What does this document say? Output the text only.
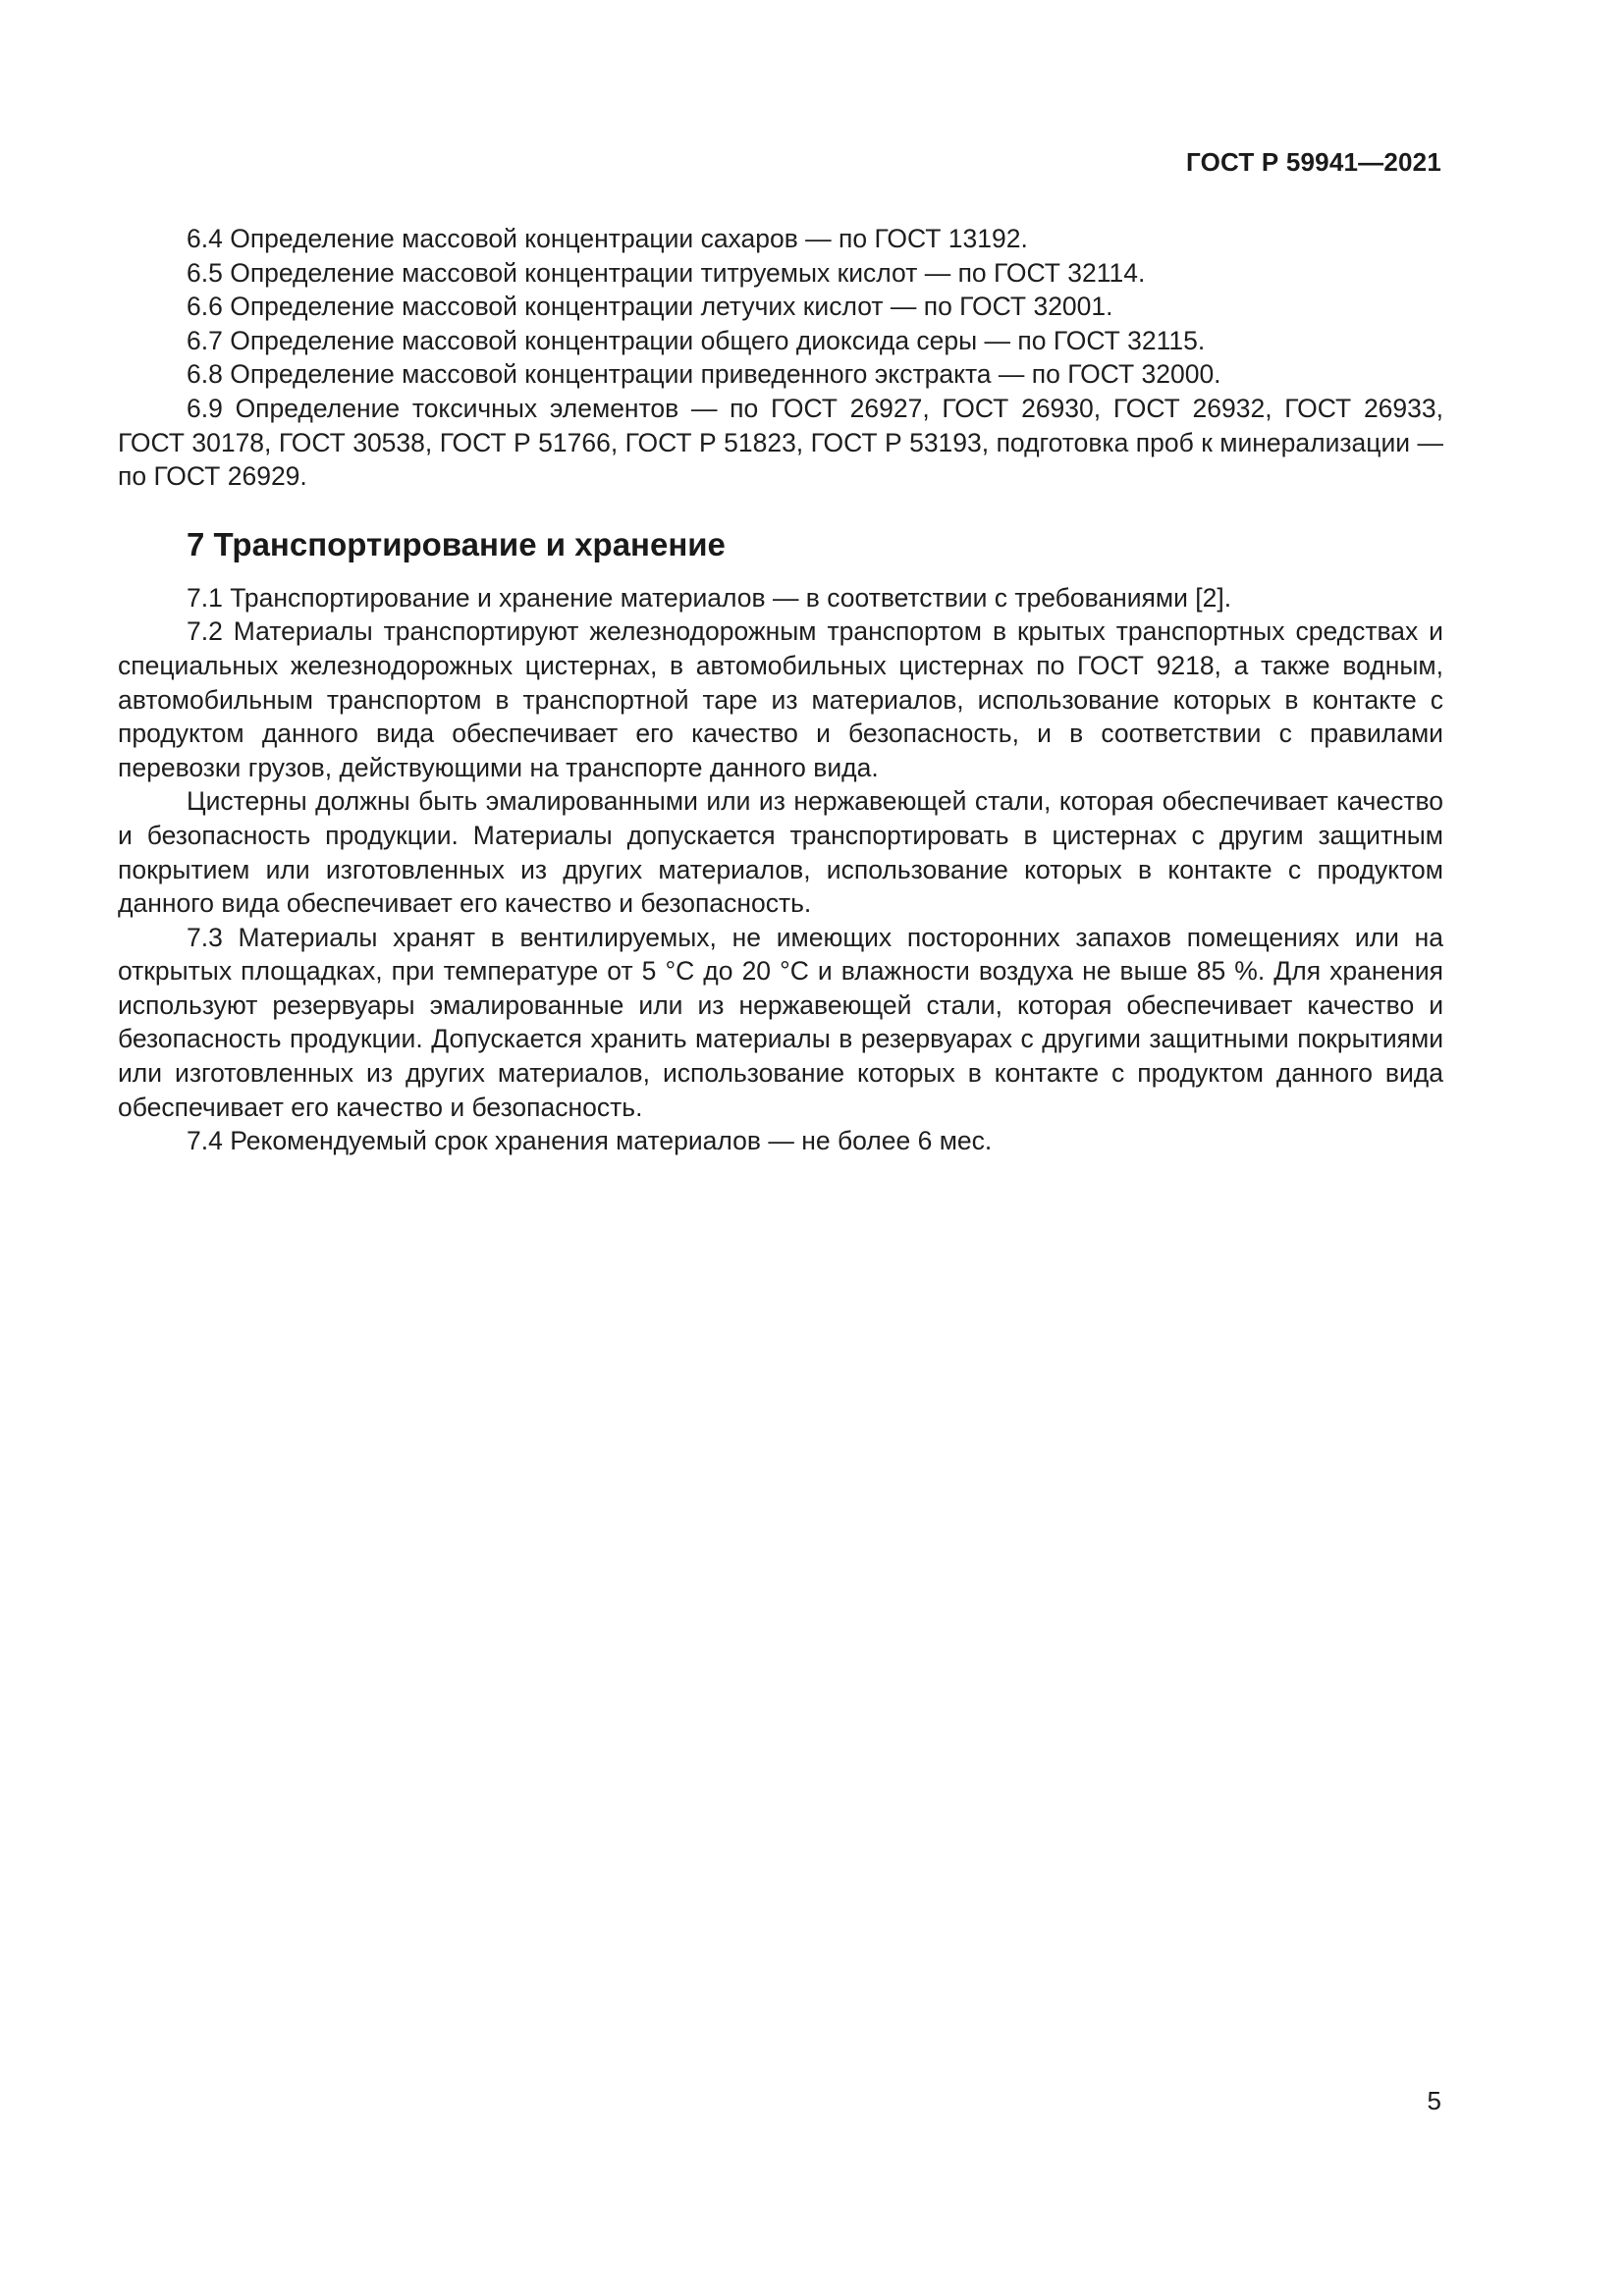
ГОСТ Р 59941—2021

6.4 Определение массовой концентрации сахаров — по ГОСТ 13192.

6.5 Определение массовой концентрации титруемых кислот — по ГОСТ 32114.

6.6 Определение массовой концентрации летучих кислот — по ГОСТ 32001.

6.7 Определение массовой концентрации общего диоксида серы — по ГОСТ 32115.

6.8 Определение массовой концентрации приведенного экстракта — по ГОСТ 32000.

6.9 Определение токсичных элементов — по ГОСТ 26927, ГОСТ 26930, ГОСТ 26932, ГОСТ 26933, ГОСТ 30178, ГОСТ 30538, ГОСТ Р 51766, ГОСТ Р 51823, ГОСТ Р 53193, подготовка проб к минерализации — по ГОСТ 26929.

7 Транспортирование и хранение

7.1 Транспортирование и хранение материалов — в соответствии с требованиями [2].

7.2 Материалы транспортируют железнодорожным транспортом в крытых транспортных средствах и специальных железнодорожных цистернах, в автомобильных цистернах по ГОСТ 9218, а также водным, автомобильным транспортом в транспортной таре из материалов, использование которых в контакте с продуктом данного вида обеспечивает его качество и безопасность, и в соответствии с правилами перевозки грузов, действующими на транспорте данного вида.

Цистерны должны быть эмалированными или из нержавеющей стали, которая обеспечивает качество и безопасность продукции. Материалы допускается транспортировать в цистернах с другим защитным покрытием или изготовленных из других материалов, использование которых в контакте с продуктом данного вида обеспечивает его качество и безопасность.

7.3 Материалы хранят в вентилируемых, не имеющих посторонних запахов помещениях или на открытых площадках, при температуре от 5 °С до 20 °С и влажности воздуха не выше 85 %. Для хранения используют резервуары эмалированные или из нержавеющей стали, которая обеспечивает качество и безопасность продукции. Допускается хранить материалы в резервуарах с другими защитными покрытиями или изготовленных из других материалов, использование которых в контакте с продуктом данного вида обеспечивает его качество и безопасность.

7.4 Рекомендуемый срок хранения материалов — не более 6 мес.

5
